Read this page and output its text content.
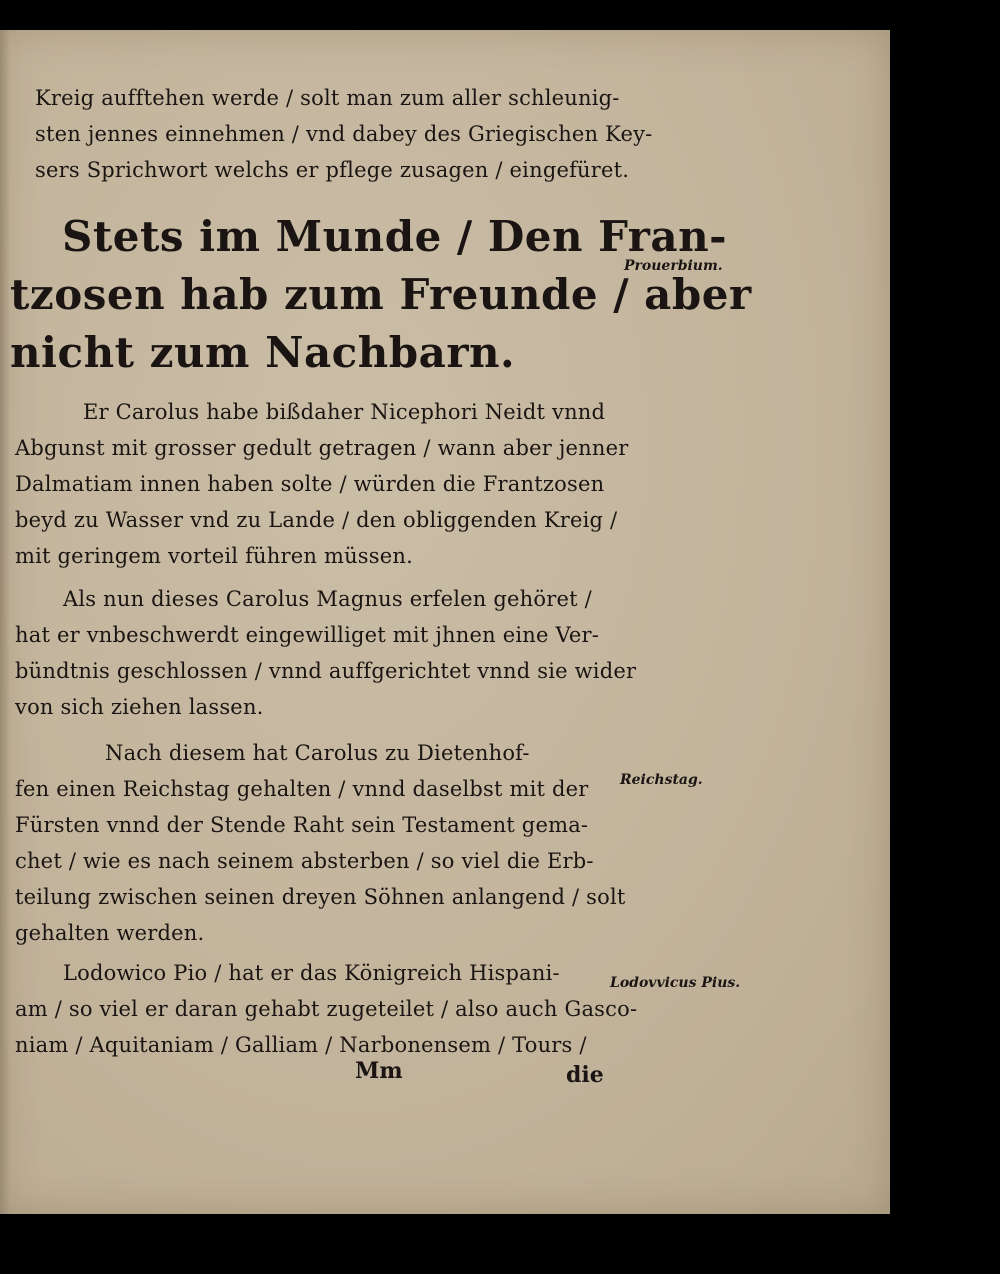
Kreig aufftehen werde / solt man zum aller schleunig-
sten jennes einnehmen / vnd dabey des Griegischen Key-
sers Sprichwort welchs er pflege zusagen / eingefüret.
Stets im Munde / Den Fran-
tzosen hab zum Freunde / aber
nicht zum Nachbarn.
Prouerbium.
Er Carolus habe bißdaher Nicephori Neidt vnnd
Abgunst mit grosser gedult getragen / wann aber jenner
Dalmatiam innen haben solte / würden die Frantzosen
beyd zu Wasser vnd zu Lande / den obliggenden Kreig /
mit geringem vorteil führen müssen.
Als nun dieses Carolus Magnus erfelen gehöret /
hat er vnbeschwerdt eingewilliget mit jhnen eine Ver-
bündtnis geschlossen / vnnd auffgerichtet vnnd sie wider
von sich ziehen lassen.
Nach diesem hat Carolus zu Dietenhof-
fen einen Reichstag gehalten / vnnd daselbst mit der
Fürsten vnnd der Stende Raht sein Testament gema-
chet / wie es nach seinem absterben / so viel die Erb-
teilung zwischen seinen dreyen Söhnen anlangend / solt
gehalten werden.
Reichstag.
Lodowico Pio / hat er das Königreich Hispani-
am / so viel er daran gehabt zugeteilet / also auch Gasco-
niam / Aquitaniam / Galliam / Narbonensem / Tours /
Lodovvicus Pius.
Mm	die
